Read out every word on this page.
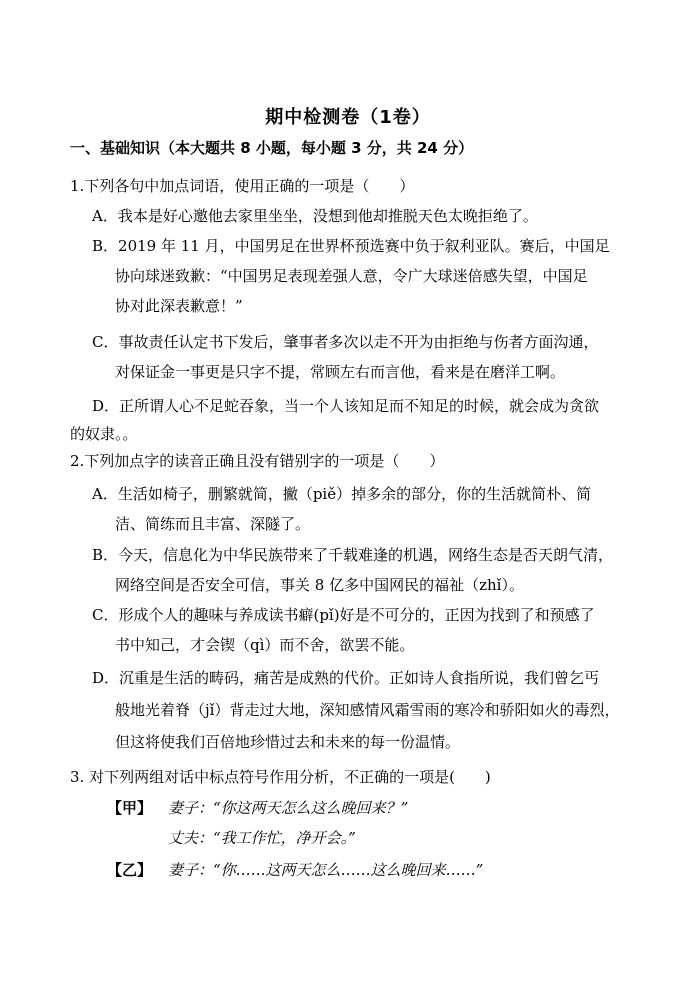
期中检测卷（1卷）
一、基础知识（本大题共 8 小题，每小题 3 分，共 24 分）
1.下列各句中加点词语，使用正确的一项是（　　）
A．我本是好心邀他去家里坐坐，没想到他却推脱天色太晚拒绝了。
B．2019 年 11 月，中国男足在世界杯预选赛中负于叙利亚队。赛后，中国足
协向球迷致歉：“中国男足表现差强人意，令广大球迷倍感失望，中国足
协对此深表歉意！”
C．事故责任认定书下发后，肇事者多次以走不开为由拒绝与伤者方面沟通，
对保证金一事更是只字不提，常顾左右而言他，看来是在磨洋工啊。
D．正所谓人心不足蛇吞象，当一个人该知足而不知足的时候，就会成为贪欲
的奴隶。。
2.下列加点字的读音正确且没有错别字的一项是（　　）
A．生活如椅子，删繁就简，撇（piě）掉多余的部分，你的生活就简朴、简
洁、简练而且丰富、深隧了。
B．今天，信息化为中华民族带来了千载难逢的机遇，网络生态是否天朗气清，
网络空间是否安全可信，事关 8 亿多中国网民的福祉（zhǐ）。
C．形成个人的趣味与养成读书癖(pǐ)好是不可分的，正因为找到了和预感了
书中知己，才会锲（qì）而不舍，欲罢不能。
D．沉重是生活的畴码，痛苦是成熟的代价。正如诗人食指所说，我们曾乞丐
般地光着脊（jǐ）背走过大地，深知感情风霜雪雨的寒冷和骄阳如火的毒烈，
但这将使我们百倍地珍惜过去和未来的每一份温情。
3. 对下列两组对话中标点符号作用分析，不正确的一项是(　　)
【甲】 妻子：“你这两天怎么这么晚回来？”
丈夫：“我工作忙，净开会。”
【乙】 妻子：“你……这两天怎么……这么晚回来……”
